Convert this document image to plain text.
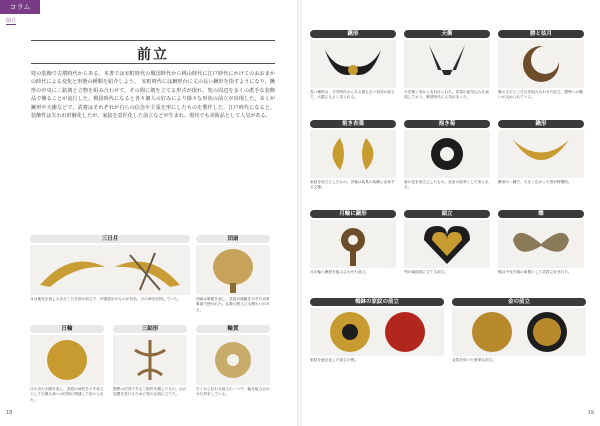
コラム
前立
前立
兜の装飾で古墳時代からある。本書では室町時代の戦国時代から桃山時代に江戸時代にかけてのおおまかの時代による変化と形態の種類を紹介しよう。　室町時代には鍬形台に丈の長い鍬形を指すようになり、鍬形の中央に三鈷剣と立物を組み合わせて、その間に剣を立てる形式が現れ、兜の周辺を多くの派手な装飾品で飾ることが流行した。戦国時代になると各々個人の好みにより様々な形状の前立が出現した。多くが鍬形や天衝などで、武将はそれぞれが自らの信念や主張を形にしたものを製作した。江戸時代になると、装飾性は失われ形骸化したが、家紋を意匠化した前立などが生まれ、現代でも美術品として人気がある。
三日月
月は後光を表し大きな三日月形の前立で、伊達政宗のものが有名。月の神を信仰していた。
団扇
団扇は軍配を表し、武将の威厳を示すため軍事面で使われた。仏教の教えにも関わりがある。
日輪
日の出や太陽を表し、武将の神性を示す前立として天照大神への信仰に関連して用いられた。
三鈷形
密教の法具である三鈷杵を模したもの。仏の加護を受けるために兜の正面に立てた。
輪貫
古くから伝わる前立の一つで、輪を組み合わせた形をしている。
18
鍬形
長い鍬形は、平安時代からある最も古い形式の前立で、大鎧にもよく見られる。
天衝
天を衝く形から名付けられた。武将の意気込みを表現しており、戦国時代に人気があった。
勝と弦月
勝の文字と三日月を組み合わせた前立。勝利への願いが込められている。
抱き杏葉
家紋を前立にしたもの。杏葉は馬具の装飾に由来する文様。
抱き菊
菊の花を前立にしたもの。皇室の紋章として知られる。
鍬形
鍬形の一種で、大きく広がった形が特徴的。
月輪に鍬形
月の輪と鍬形を組み合わせた前立。
頭立
兜の頭頂部に立てる前立。
蝶
蝶は不死不滅の象徴として武将に好まれた。
梅鉢の家紋の前立
家紋を意匠化した前立の例。
金の前立
金箔を用いた豪華な前立。
19
